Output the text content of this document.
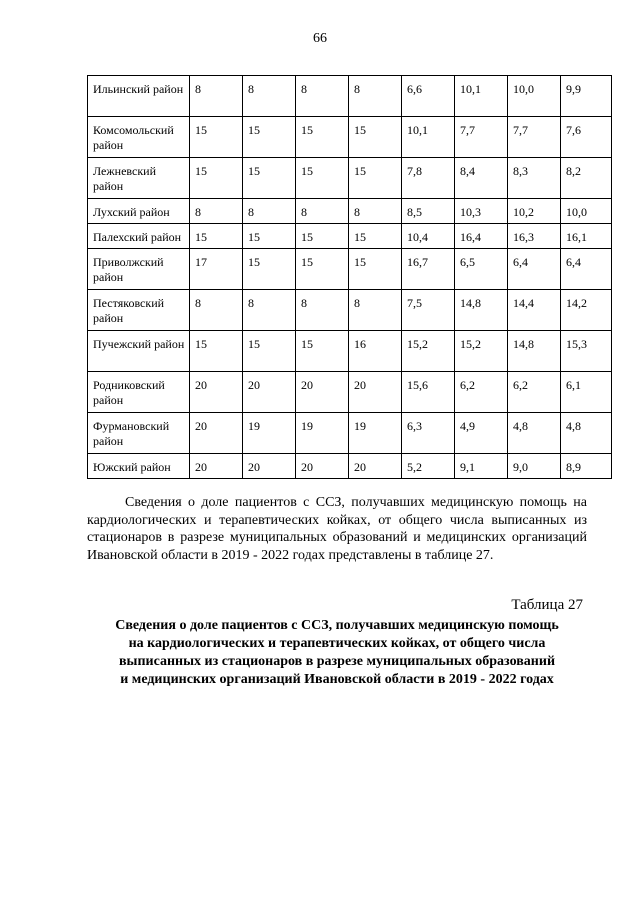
66
Ильинский район	8	8	8	8	6,6	10,1	10,0	9,9
Комсомольский район	15	15	15	15	10,1	7,7	7,7	7,6
Лежневский район	15	15	15	15	7,8	8,4	8,3	8,2
Лухский район	8	8	8	8	8,5	10,3	10,2	10,0
Палехский район	15	15	15	15	10,4	16,4	16,3	16,1
Приволжский район	17	15	15	15	16,7	6,5	6,4	6,4
Пестяковский район	8	8	8	8	7,5	14,8	14,4	14,2
Пучежский район	15	15	15	16	15,2	15,2	14,8	15,3
Родниковский район	20	20	20	20	15,6	6,2	6,2	6,1
Фурмановский район	20	19	19	19	6,3	4,9	4,8	4,8
Южский район	20	20	20	20	5,2	9,1	9,0	8,9
Сведения о доле пациентов с ССЗ, получавших медицинскую помощь на кардиологических и терапевтических койках, от общего числа выписанных из стационаров в разрезе муниципальных образований и медицинских организаций Ивановской области в 2019 - 2022 годах представлены в таблице 27.
Таблица 27
Сведения о доле пациентов с ССЗ, получавших медицинскую помощь
на кардиологических и терапевтических койках, от общего числа
выписанных из стационаров в разрезе муниципальных образований
и медицинских организаций Ивановской области в 2019 - 2022 годах
